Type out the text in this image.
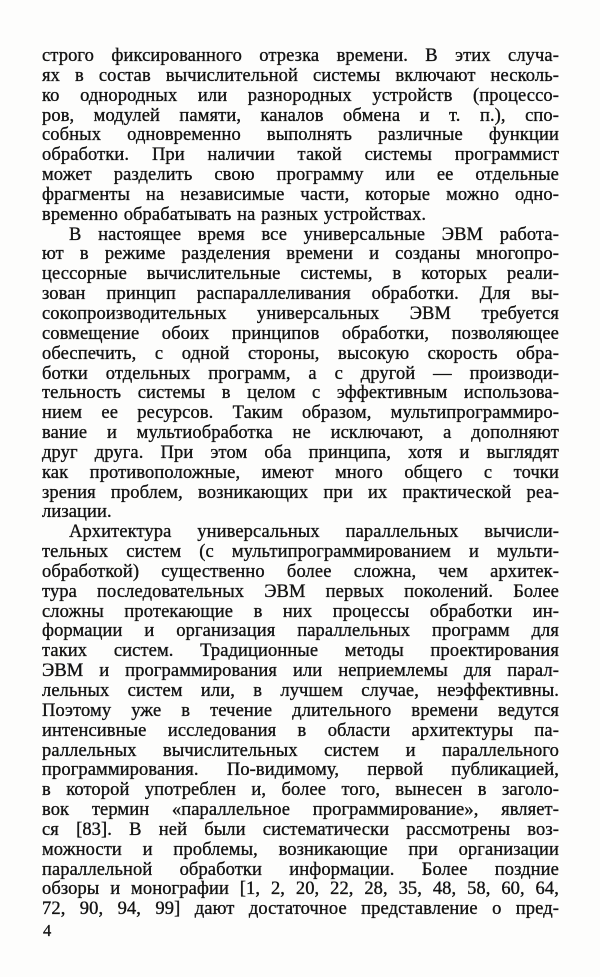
строго фиксированного отрезка времени. В этих случа-
ях в состав вычислительной системы включают несколь-
ко однородных или разнородных устройств (процессо-
ров, модулей памяти, каналов обмена и т. п.), спо-
собных одновременно выполнять различные функции
обработки. При наличии такой системы программист
может разделить свою программу или ее отдельные
фрагменты на независимые части, которые можно одно-
временно обрабатывать на разных устройствах.
В настоящее время все универсальные ЭВМ работа-
ют в режиме разделения времени и созданы многопро-
цессорные вычислительные системы, в которых реали-
зован принцип распараллеливания обработки. Для вы-
сокопроизводительных универсальных ЭВМ требуется
совмещение обоих принципов обработки, позволяющее
обеспечить, с одной стороны, высокую скорость обра-
ботки отдельных программ, а с другой — производи-
тельность системы в целом с эффективным использова-
нием ее ресурсов. Таким образом, мультипрограммиро-
вание и мультиобработка не исключают, а дополняют
друг друга. При этом оба принципа, хотя и выглядят
как противоположные, имеют много общего с точки
зрения проблем, возникающих при их практической реа-
лизации.
Архитектура универсальных параллельных вычисли-
тельных систем (с мультипрограммированием и мульти-
обработкой) существенно более сложна, чем архитек-
тура последовательных ЭВМ первых поколений. Более
сложны протекающие в них процессы обработки ин-
формации и организация параллельных программ для
таких систем. Традиционные методы проектирования
ЭВМ и программирования или неприемлемы для парал-
лельных систем или, в лучшем случае, неэффективны.
Поэтому уже в течение длительного времени ведутся
интенсивные исследования в области архитектуры па-
раллельных вычислительных систем и параллельного
программирования. По-видимому, первой публикацией,
в которой употреблен и, более того, вынесен в заголо-
вок термин «параллельное программирование», являет-
ся [83]. В ней были систематически рассмотрены воз-
можности и проблемы, возникающие при организации
параллельной обработки информации. Более поздние
обзоры и монографии [1, 2, 20, 22, 28, 35, 48, 58, 60, 64,
72, 90, 94, 99] дают достаточное представление о пред-
4
